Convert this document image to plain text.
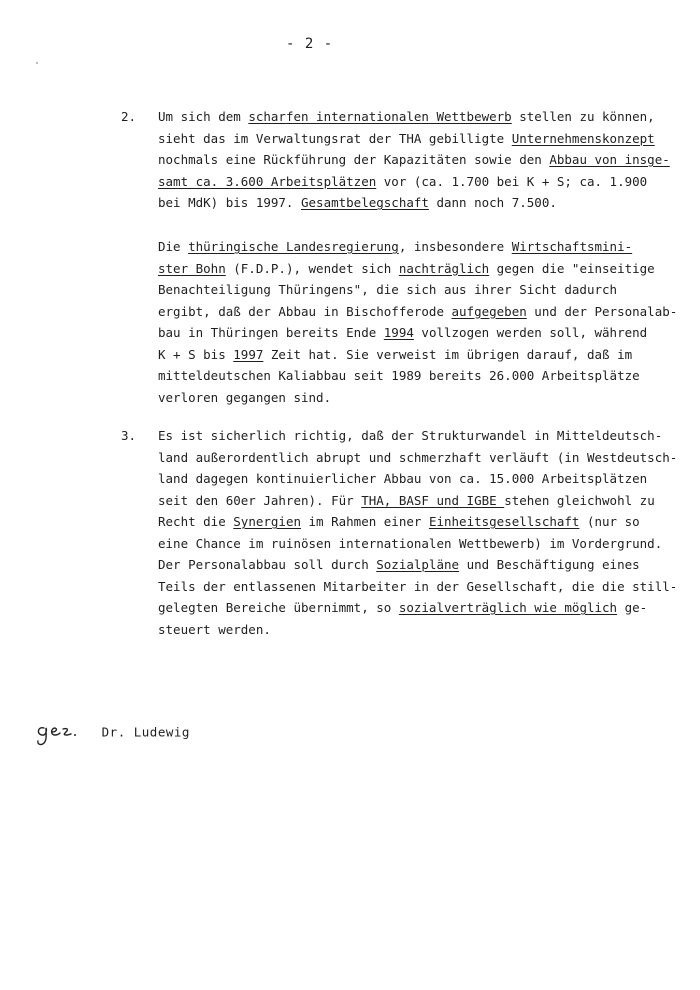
- 2 -
2. Um sich dem scharfen internationalen Wettbewerb stellen zu können,
sieht das im Verwaltungsrat der THA gebilligte Unternehmenskonzept
nochmals eine Rückführung der Kapazitäten sowie den Abbau von insge-
samt ca. 3.600 Arbeitsplätzen vor (ca. 1.700 bei K + S; ca. 1.900
bei MdK) bis 1997. Gesamtbelegschaft dann noch 7.500.
Die thüringische Landesregierung, insbesondere Wirtschaftsmini-
ster Bohn (F.D.P.), wendet sich nachträglich gegen die "einseitige
Benachteiligung Thüringens", die sich aus ihrer Sicht dadurch
ergibt, daß der Abbau in Bischofferode aufgegeben und der Personalab-
bau in Thüringen bereits Ende 1994 vollzogen werden soll, während
K + S bis 1997 Zeit hat. Sie verweist im übrigen darauf, daß im
mitteldeutschen Kaliabbau seit 1989 bereits 26.000 Arbeitsplätze
verloren gegangen sind.
3. Es ist sicherlich richtig, daß der Strukturwandel in Mitteldeutsch-
land außerordentlich abrupt und schmerzhaft verläuft (in Westdeutsch-
land dagegen kontinuierlicher Abbau von ca. 15.000 Arbeitsplätzen
seit den 60er Jahren). Für THA, BASF und IGBE stehen gleichwohl zu
Recht die Synergien im Rahmen einer Einheitsgesellschaft (nur so
eine Chance im ruinösen internationalen Wettbewerb) im Vordergrund.
Der Personalabbau soll durch Sozialpläne und Beschäftigung eines
Teils der entlassenen Mitarbeiter in der Gesellschaft, die die still-
gelegten Bereiche übernimmt, so sozialverträglich wie möglich ge-
steuert werden.
Dr. Ludewig
